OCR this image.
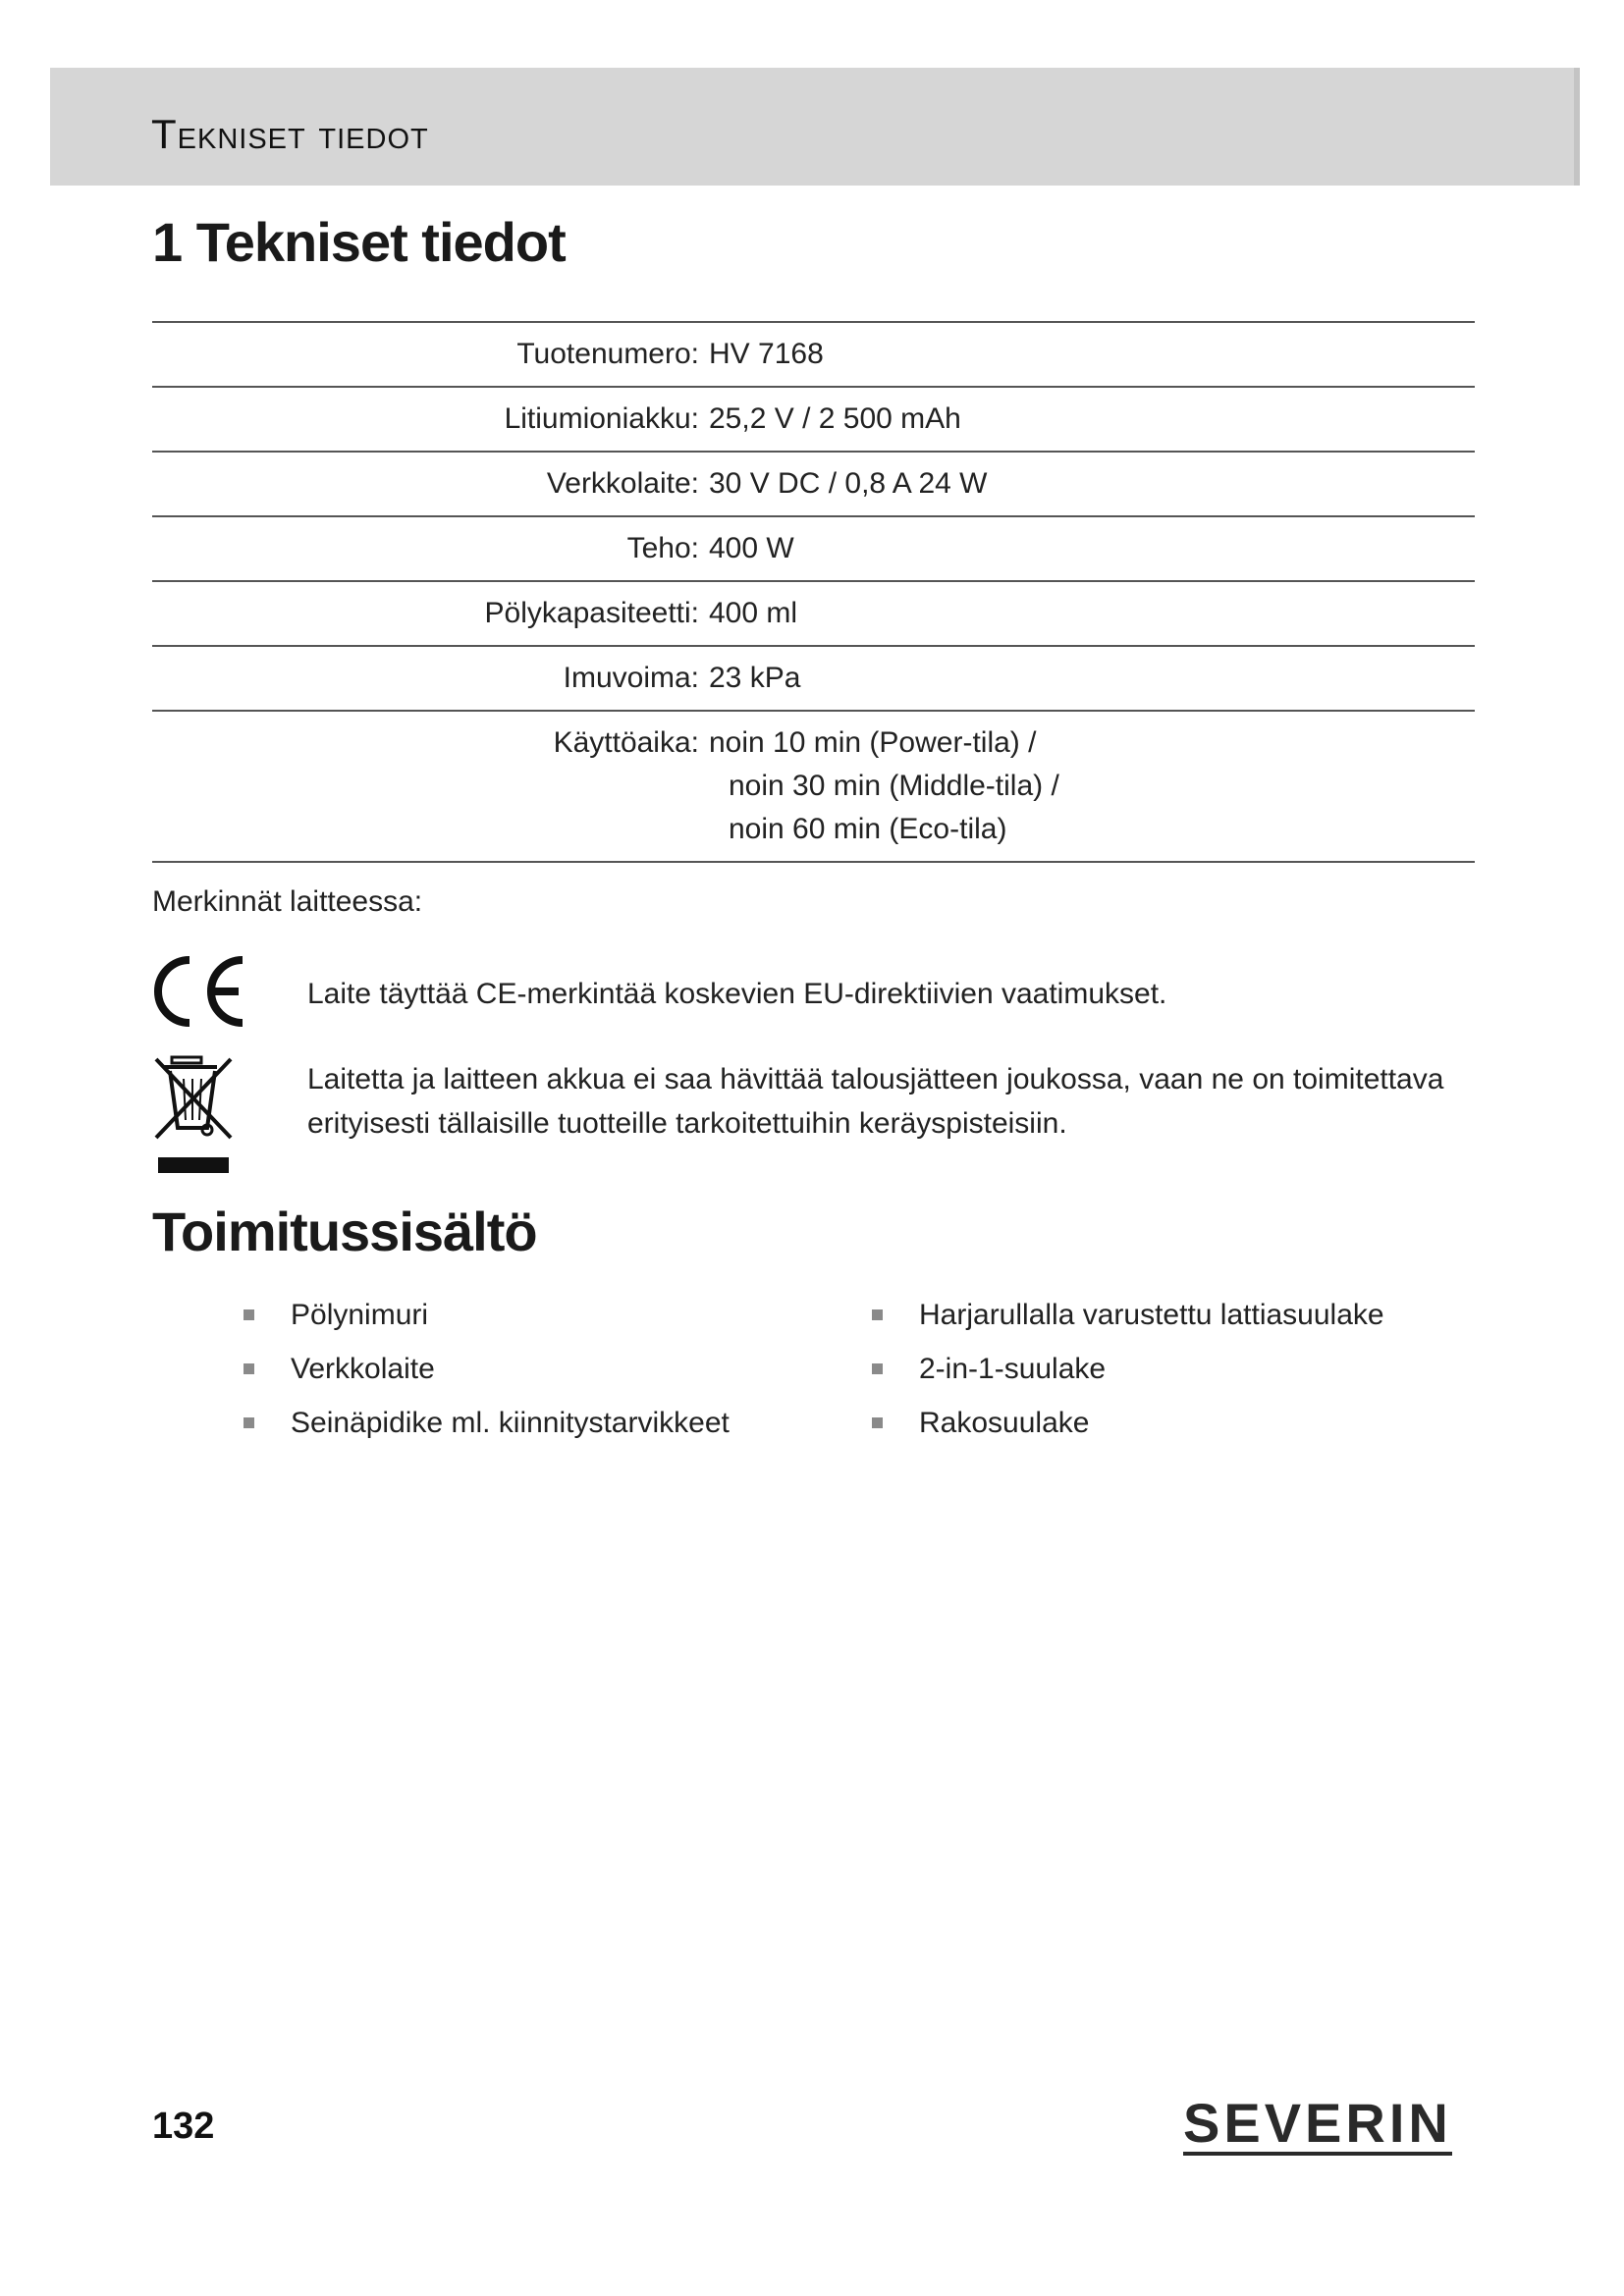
Tekniset tiedot
1 Tekniset tiedot
Tuotenumero:	HV 7168

Litiumioniakku:	25,2 V / 2 500 mAh

Verkkolaite:	30 V DC / 0,8 A 24 W

Teho:	400 W

Pölykapasiteetti:	400 ml

Imuvoima:	23 kPa

Käyttöaika:	noin 10 min (Power-tila) /
noin 30 min (Middle-tila) /
noin 60 min (Eco-tila)

Merkinnät laitteessa:

Laite täyttää CE-merkintää koskevien EU-direktiivien vaatimukset.

Laitetta ja laitteen akkua ei saa hävittää talousjätteen joukossa, vaan ne on toimitettava erityisesti tällaisille tuotteille tarkoitettuihin keräyspisteisiin.

Toimitussisältö
Pölynimuri
Verkkolaite
Seinäpidike ml. kiinnitystarvikkeet
Harjarullalla varustettu lattiasuulake
2-in-1-suulake
Rakosuulake

132	SEVERIN
